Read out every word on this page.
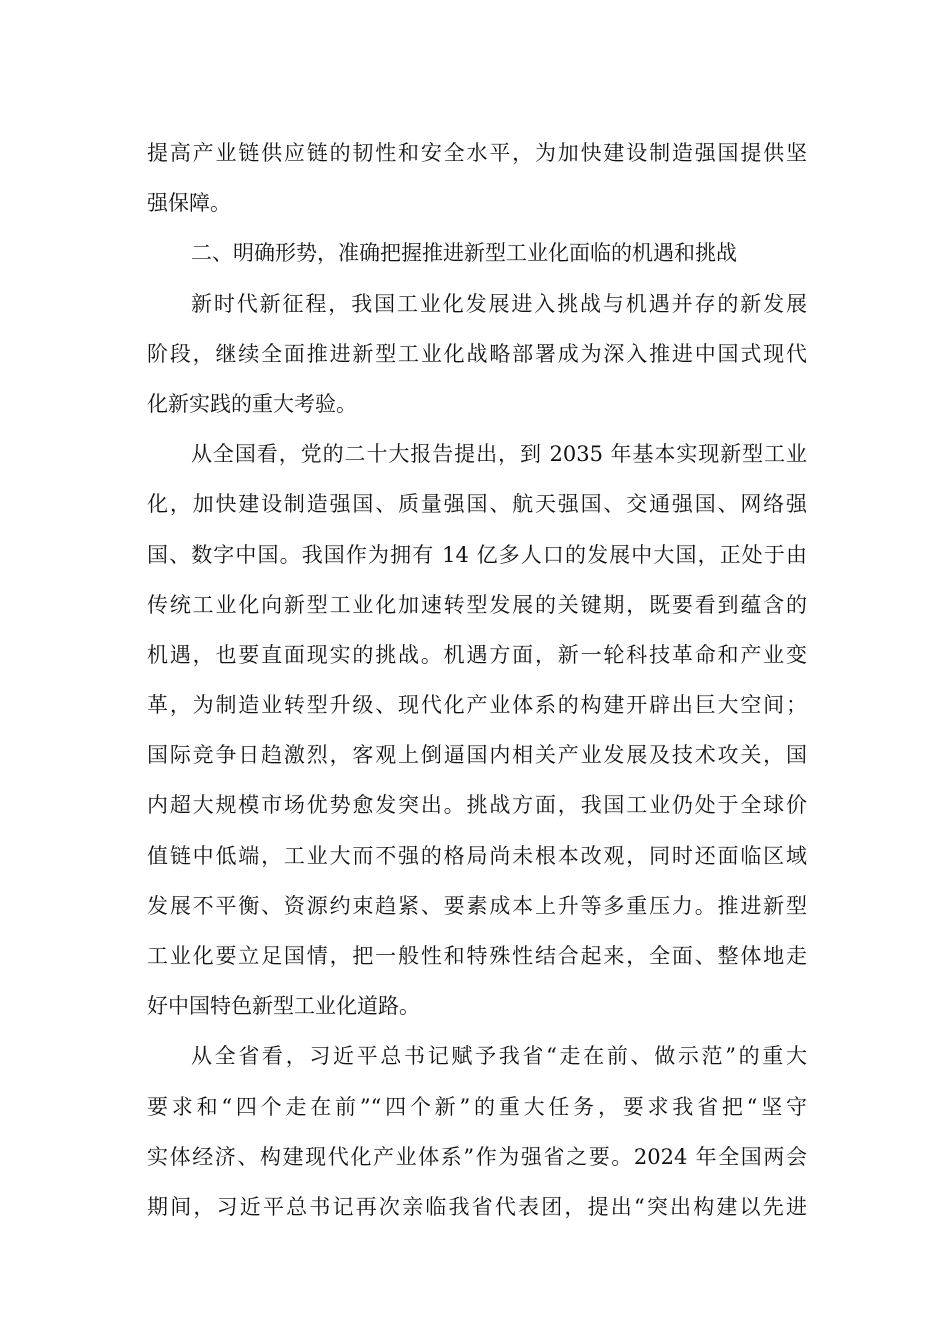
提高产业链供应链的韧性和安全水平，为加快建设制造强国提供坚
强保障。
二、明确形势，准确把握推进新型工业化面临的机遇和挑战
新时代新征程，我国工业化发展进入挑战与机遇并存的新发展
阶段，继续全面推进新型工业化战略部署成为深入推进中国式现代
化新实践的重大考验。
从全国看，党的二十大报告提出，到 2035 年基本实现新型工业
化，加快建设制造强国、质量强国、航天强国、交通强国、网络强
国、数字中国。我国作为拥有 14 亿多人口的发展中大国，正处于由
传统工业化向新型工业化加速转型发展的关键期，既要看到蕴含的
机遇，也要直面现实的挑战。机遇方面，新一轮科技革命和产业变
革，为制造业转型升级、现代化产业体系的构建开辟出巨大空间；
国际竞争日趋激烈，客观上倒逼国内相关产业发展及技术攻关，国
内超大规模市场优势愈发突出。挑战方面，我国工业仍处于全球价
值链中低端，工业大而不强的格局尚未根本改观，同时还面临区域
发展不平衡、资源约束趋紧、要素成本上升等多重压力。推进新型
工业化要立足国情，把一般性和特殊性结合起来，全面、整体地走
好中国特色新型工业化道路。
从全省看，习近平总书记赋予我省“走在前、做示范”的重大
要求和“四个走在前”“四个新”的重大任务，要求我省把“坚守
实体经济、构建现代化产业体系”作为强省之要。2024 年全国两会
期间，习近平总书记再次亲临我省代表团，提出“突出构建以先进
